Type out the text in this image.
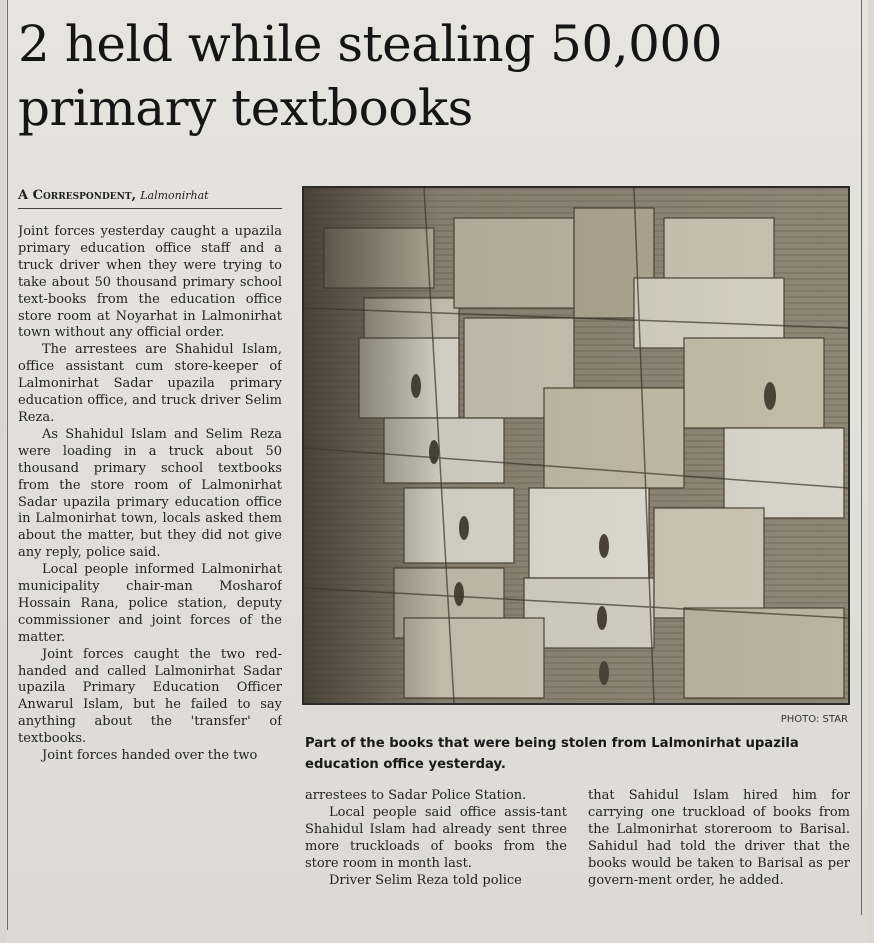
2 held while stealing 50,000 primary textbooks
A Correspondent, Lalmonirhat

Joint forces yesterday caught a upazila primary education office staff and a truck driver when they were trying to take about 50 thousand primary school text-books from the education office store room at Noyarhat in Lalmonirhat town without any official order.

The arrestees are Shahidul Islam, office assistant cum store-keeper of Lalmonirhat Sadar upazila primary education office, and truck driver Selim Reza.

As Shahidul Islam and Selim Reza were loading in a truck about 50 thousand primary school textbooks from the store room of Lalmonirhat Sadar upazila primary education office in Lalmonirhat town, locals asked them about the matter, but they did not give any reply, police said.

Local people informed Lalmonirhat municipality chair-man Mosharof Hossain Rana, police station, deputy commissioner and joint forces of the matter.

Joint forces caught the two red-handed and called Lalmonirhat Sadar upazila Primary Education Officer Anwarul Islam, but he failed to say anything about the 'transfer' of textbooks.

Joint forces handed over the two

PHOTO: STAR
Part of the books that were being stolen from Lalmonirhat upazila education office yesterday.

arrestees to Sadar Police Station.

Local people said office assis-tant Shahidul Islam had already sent three more truckloads of books from the store room in month last.

Driver Selim Reza told police

that Sahidul Islam hired him for carrying one truckload of books from the Lalmonirhat storeroom to Barisal. Sahidul had told the driver that the books would be taken to Barisal as per govern-ment order, he added.
